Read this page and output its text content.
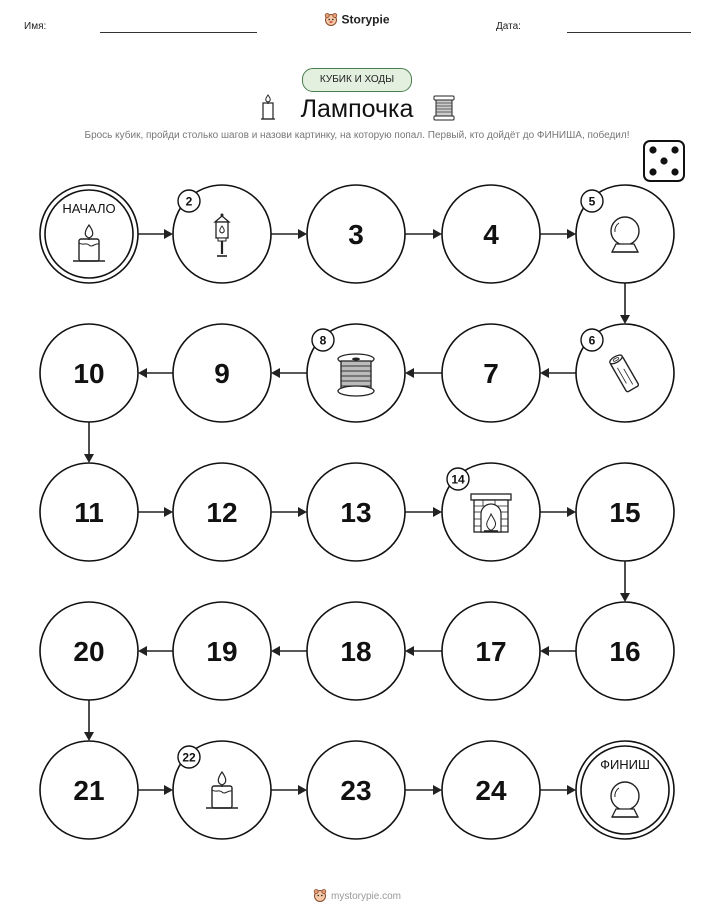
Имя:	Storypie	Дата:
КУБИК И ХОДЫ
Лампочка
Брось кубик, пройди столько шагов и назови картинку, на которую попал. Первый, кто дойдёт до ФИНИША, победил!
НАЧАЛО	2
3	4
5
6
7
8
9
10
11	12	13
14
15
16
17
18
19
20
21
22
23	24
ФИНИШ
mystorypie.com
